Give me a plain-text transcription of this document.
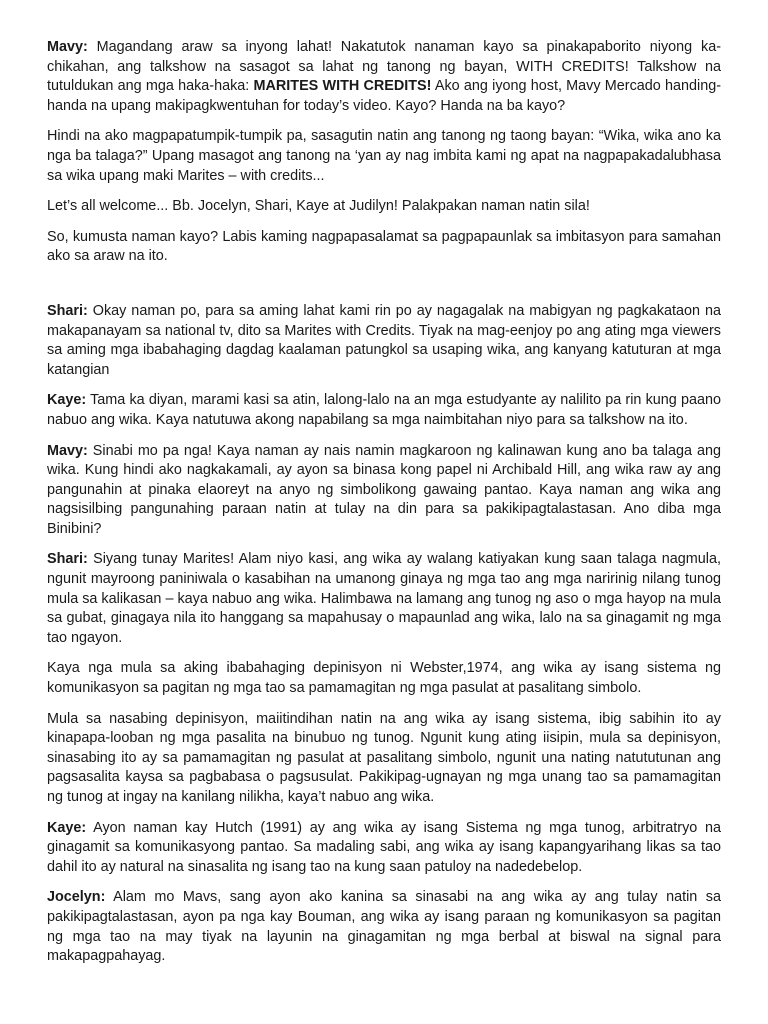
Mavy: Magandang araw sa inyong lahat! Nakatutok nanaman kayo sa pinakapaborito niyong ka-chikahan, ang talkshow na sasagot sa lahat ng tanong ng bayan, WITH CREDITS! Talkshow na tutuldukan ang mga haka-haka: MARITES WITH CREDITS! Ako ang iyong host, Mavy Mercado handing-handa na upang makipagkwentuhan for today’s video. Kayo? Handa na ba kayo?

Hindi na ako magpapatumpik-tumpik pa, sasagutin natin ang tanong ng taong bayan: “Wika, wika ano ka nga ba talaga?” Upang masagot ang tanong na ‘yan ay nag imbita kami ng apat na nagpapakadalubhasa sa wika upang maki Marites – with credits...

Let’s all welcome... Bb. Jocelyn, Shari, Kaye at Judilyn! Palakpakan naman natin sila!

So, kumusta naman kayo? Labis kaming nagpapasalamat sa pagpapaunlak sa imbitasyon para samahan ako sa araw na ito.

Shari: Okay naman po, para sa aming lahat kami rin po ay nagagalak na mabigyan ng pagkakataon na makapanayam sa national tv, dito sa Marites with Credits. Tiyak na mag-eenjoy po ang ating mga viewers sa aming mga ibabahaging dagdag kaalaman patungkol sa usaping wika, ang kanyang katuturan at mga katangian

Kaye: Tama ka diyan, marami kasi sa atin, lalong-lalo na an mga estudyante ay nalilito pa rin kung paano nabuo ang wika. Kaya natutuwa akong napabilang sa mga naimbitahan niyo para sa talkshow na ito.

Mavy: Sinabi mo pa nga! Kaya naman ay nais namin magkaroon ng kalinawan kung ano ba talaga ang wika. Kung hindi ako nagkakamali, ay ayon sa binasa kong papel ni Archibald Hill, ang wika raw ay ang pangunahin at pinaka elaoreyt na anyo ng simbolikong gawaing pantao. Kaya naman ang wika ang nagsisilbing pangunahing paraan natin at tulay na din para sa pakikipagtalastasan. Ano diba mga Binibini?

Shari: Siyang tunay Marites! Alam niyo kasi, ang wika ay walang katiyakan kung saan talaga nagmula, ngunit mayroong paniniwala o kasabihan na umanong ginaya ng mga tao ang mga naririnig nilang tunog mula sa kalikasan – kaya nabuo ang wika. Halimbawa na lamang ang tunog ng aso o mga hayop na mula sa gubat, ginagaya nila ito hanggang sa mapahusay o mapaunlad ang wika, lalo na sa ginagamit ng mga tao ngayon.

Kaya nga mula sa aking ibabahaging depinisyon ni Webster,1974, ang wika ay isang sistema ng komunikasyon sa pagitan ng mga tao sa pamamagitan ng mga pasulat at pasalitang simbolo.

Mula sa nasabing depinisyon, maiitindihan natin na ang wika ay isang sistema, ibig sabihin ito ay kinapapa-looban ng mga pasalita na binubuo ng tunog. Ngunit kung ating iisipin, mula sa depinisyon, sinasabing ito ay sa pamamagitan ng pasulat at pasalitang simbolo, ngunit una nating natututunan ang pagsasalita kaysa sa pagbabasa o pagsusulat. Pakikipag-ugnayan ng mga unang tao sa pamamagitan ng tunog at ingay na kanilang nilikha, kaya’t nabuo ang wika.

Kaye: Ayon naman kay Hutch (1991) ay ang wika ay isang Sistema ng mga tunog, arbitratryo na ginagamit sa komunikasyong pantao. Sa madaling sabi, ang wika ay isang kapangyarihang likas sa tao dahil ito ay natural na sinasalita ng isang tao na kung saan patuloy na nadedebelop.

Jocelyn: Alam mo Mavs, sang ayon ako kanina sa sinasabi na ang wika ay ang tulay natin sa pakikipagtalastasan, ayon pa nga kay Bouman, ang wika ay isang paraan ng komunikasyon sa pagitan ng mga tao na may tiyak na layunin na ginagamitan ng mga berbal at biswal na signal para makapagpahayag.
